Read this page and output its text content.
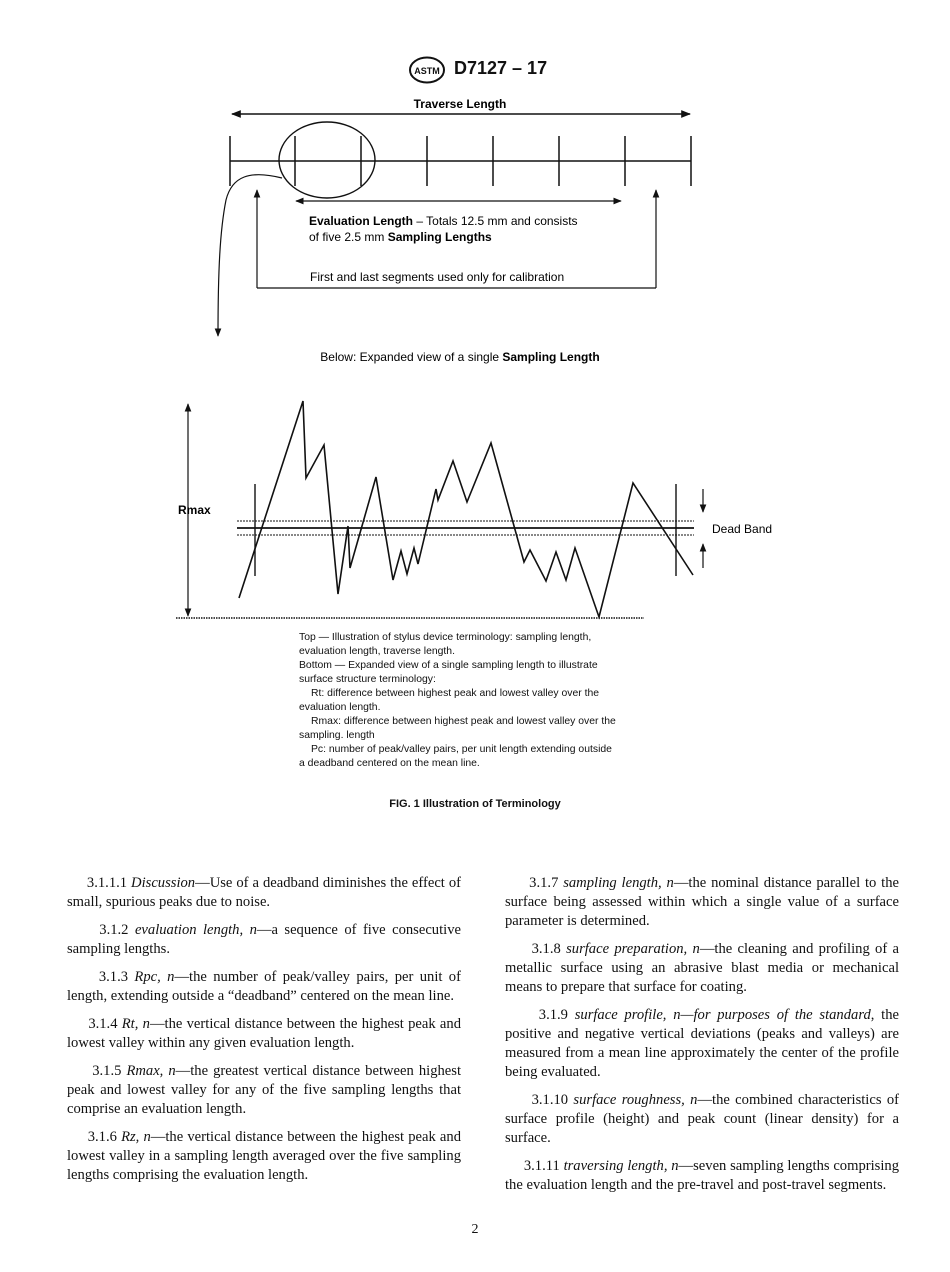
ASTM D7127 – 17
Traverse Length
Evaluation Length – Totals 12.5 mm and consists
of five 2.5 mm Sampling Lengths
First and last segments used only for calibration
Below: Expanded view of a single Sampling Length
Rmax
Dead Band
Top — Illustration of stylus device terminology: sampling length,
evaluation length, traverse length.
Bottom — Expanded view of a single sampling length to illustrate
surface structure terminology:
Rt: difference between highest peak and lowest valley over the
evaluation length.
Rmax: difference between highest peak and lowest valley over the
sampling. length
Pc: number of peak/valley pairs, per unit length extending outside
a deadband centered on the mean line.
FIG. 1 Illustration of Terminology

3.1.1.1 Discussion—Use of a deadband diminishes the effect of small, spurious peaks due to noise.

3.1.2 evaluation length, n—a sequence of five consecutive sampling lengths.

3.1.3 Rpc, n—the number of peak/valley pairs, per unit of length, extending outside a “deadband” centered on the mean line.

3.1.4 Rt, n—the vertical distance between the highest peak and lowest valley within any given evaluation length.

3.1.5 Rmax, n—the greatest vertical distance between highest peak and lowest valley for any of the five sampling lengths that comprise an evaluation length.

3.1.6 Rz, n—the vertical distance between the highest peak and lowest valley in a sampling length averaged over the five sampling lengths comprising the evaluation length.

3.1.7 sampling length, n—the nominal distance parallel to the surface being assessed within which a single value of a surface parameter is determined.

3.1.8 surface preparation, n—the cleaning and profiling of a metallic surface using an abrasive blast media or mechanical means to prepare that surface for coating.

3.1.9 surface profile, n—for purposes of the standard, the positive and negative vertical deviations (peaks and valleys) are measured from a mean line approximately the center of the profile being evaluated.

3.1.10 surface roughness, n—the combined characteristics of surface profile (height) and peak count (linear density) for a surface.

3.1.11 traversing length, n—seven sampling lengths comprising the evaluation length and the pre-travel and post-travel segments.

2
